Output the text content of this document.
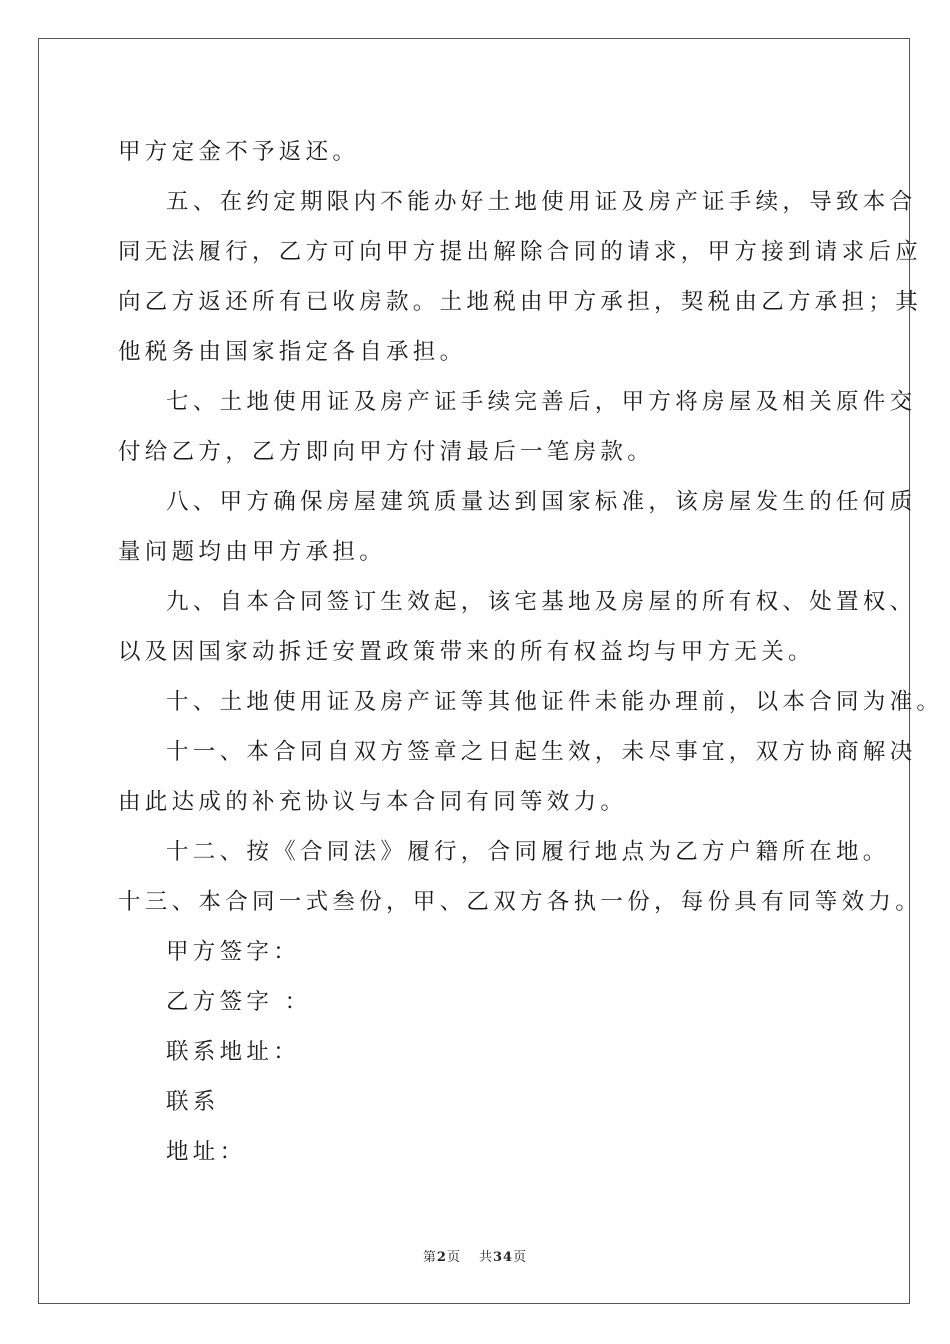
甲方定金不予返还。
五、在约定期限内不能办好土地使用证及房产证手续，导致本合
同无法履行，乙方可向甲方提出解除合同的请求，甲方接到请求后应
向乙方返还所有已收房款。土地税由甲方承担，契税由乙方承担；其
他税务由国家指定各自承担。
七、土地使用证及房产证手续完善后，甲方将房屋及相关原件交
付给乙方，乙方即向甲方付清最后一笔房款。
八、甲方确保房屋建筑质量达到国家标准，该房屋发生的任何质
量问题均由甲方承担。
九、自本合同签订生效起，该宅基地及房屋的所有权、处置权、
以及因国家动拆迁安置政策带来的所有权益均与甲方无关。
十、土地使用证及房产证等其他证件未能办理前，以本合同为准。
十一、本合同自双方签章之日起生效，未尽事宜，双方协商解决
由此达成的补充协议与本合同有同等效力。
十二、按《合同法》履行，合同履行地点为乙方户籍所在地。
十三、本合同一式叁份，甲、乙双方各执一份，每份具有同等效力。
甲方签字：
乙方签字 ：
联系地址：
联系
地址：
第2页 共34页
